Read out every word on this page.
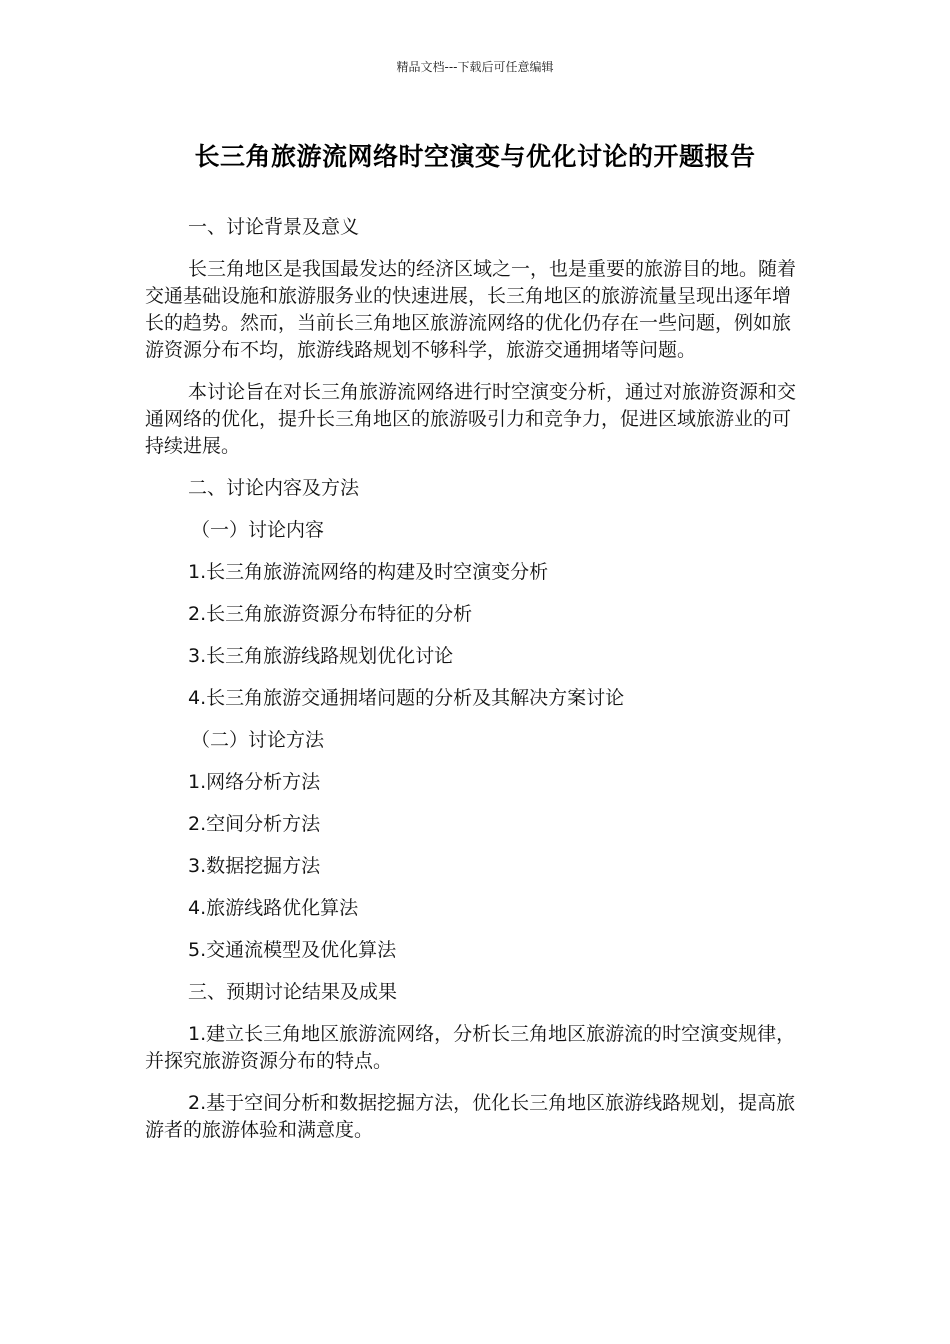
精品文档---下载后可任意编辑
长三角旅游流网络时空演变与优化讨论的开题报告

一、讨论背景及意义

长三角地区是我国最发达的经济区域之一，也是重要的旅游目的地。随着交通基础设施和旅游服务业的快速进展，长三角地区的旅游流量呈现出逐年增长的趋势。然而，当前长三角地区旅游流网络的优化仍存在一些问题，例如旅游资源分布不均，旅游线路规划不够科学，旅游交通拥堵等问题。

本讨论旨在对长三角旅游流网络进行时空演变分析，通过对旅游资源和交通网络的优化，提升长三角地区的旅游吸引力和竞争力，促进区域旅游业的可持续进展。

二、讨论内容及方法

（一）讨论内容

1.长三角旅游流网络的构建及时空演变分析

2.长三角旅游资源分布特征的分析

3.长三角旅游线路规划优化讨论

4.长三角旅游交通拥堵问题的分析及其解决方案讨论

（二）讨论方法

1.网络分析方法

2.空间分析方法

3.数据挖掘方法

4.旅游线路优化算法

5.交通流模型及优化算法

三、预期讨论结果及成果

1.建立长三角地区旅游流网络，分析长三角地区旅游流的时空演变规律，并探究旅游资源分布的特点。

2.基于空间分析和数据挖掘方法，优化长三角地区旅游线路规划，提高旅游者的旅游体验和满意度。
